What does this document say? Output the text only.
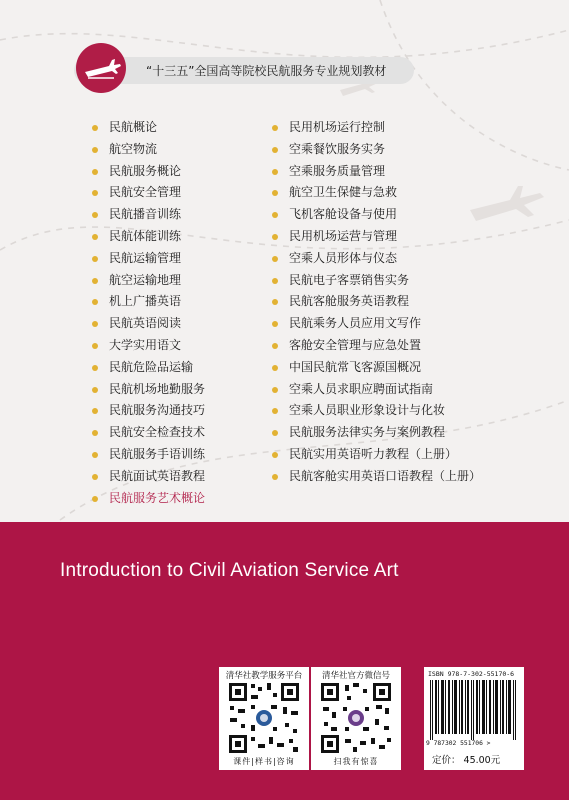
“十三五”全国高等院校民航服务专业规划教材
民航概论
航空物流
民航服务概论
民航安全管理
民航播音训练
民航体能训练
民航运输管理
航空运输地理
机上广播英语
民航英语阅读
大学实用语文
民航危险品运输
民航机场地勤服务
民航服务沟通技巧
民航安全检查技术
民航服务手语训练
民航面试英语教程
民航服务艺术概论
民用机场运行控制
空乘餐饮服务实务
空乘服务质量管理
航空卫生保健与急救
飞机客舱设备与使用
民用机场运营与管理
空乘人员形体与仪态
民航电子客票销售实务
民航客舱服务英语教程
民航乘务人员应用文写作
客舱安全管理与应急处置
中国民航常飞客源国概况
空乘人员求职应聘面试指南
空乘人员职业形象设计与化妆
民航服务法律实务与案例教程
民航实用英语听力教程（上册）
民航客舱实用英语口语教程（上册）
Introduction to Civil Aviation Service Art
清华社教学服务平台
课件|样书|咨询
清华社官方微信号
扫我有惊喜
ISBN 978-7-302-55170-6
9 787302 551706 >
定价： 45.00元
